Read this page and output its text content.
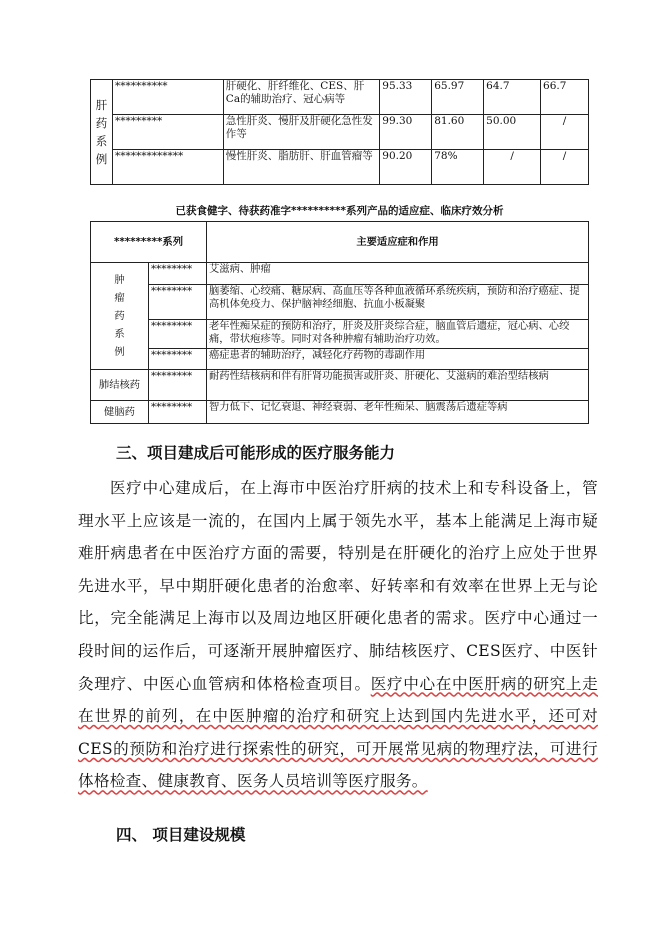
肝
药
系
例	**********	肝硬化、肝纤维化、CES、肝Ca的辅助治疗、冠心病等	95.33	65.97	64.7	66.7
	*********	急性肝炎、慢肝及肝硬化急性发作等	99.30	81.60	50.00	/
	*************	慢性肝炎、脂肪肝、肝血管瘤等	90.20	78%	/	/
已获食健字、待获药准字**********系列产品的适应症、临床疗效分析
*********系列		主要适应症和作用
肿
瘤
药
系
例	********	艾滋病、肿瘤
	********	脑萎缩、心绞痛、糖尿病、高血压等各种血液循环系统疾病，预防和治疗癌症、提高机体免疫力、保护脑神经细胞、抗血小板凝聚
	********	老年性痴呆症的预防和治疗，肝炎及肝炎综合症，脑血管后遗症，冠心病、心绞痛，带状疱疹等。同时对各种肿瘤有辅助治疗功效。
	********	癌症患者的辅助治疗，减轻化疗药物的毒副作用
肺结核药	********	耐药性结核病和伴有肝肾功能损害或肝炎、肝硬化、艾滋病的难治型结核病
健脑药	********	智力低下、记忆衰退、神经衰弱、老年性痴呆、脑震荡后遗症等病
三、项目建成后可能形成的医疗服务能力
医疗中心建成后，在上海市中医治疗肝病的技术上和专科设备上，管理水平上应该是一流的，在国内上属于领先水平，基本上能满足上海市疑难肝病患者在中医治疗方面的需要，特别是在肝硬化的治疗上应处于世界先进水平，早中期肝硬化患者的治愈率、好转率和有效率在世界上无与论比，完全能满足上海市以及周边地区肝硬化患者的需求。医疗中心通过一段时间的运作后，可逐渐开展肿瘤医疗、肺结核医疗、CES医疗、中医针灸理疗、中医心血管病和体格检查项目。医疗中心在中医肝病的研究上走在世界的前列，在中医肿瘤的治疗和研究上达到国内先进水平，还可对CES的预防和治疗进行探索性的研究，可开展常见病的物理疗法，可进行体格检查、健康教育、医务人员培训等医疗服务。
四、 项目建设规模
